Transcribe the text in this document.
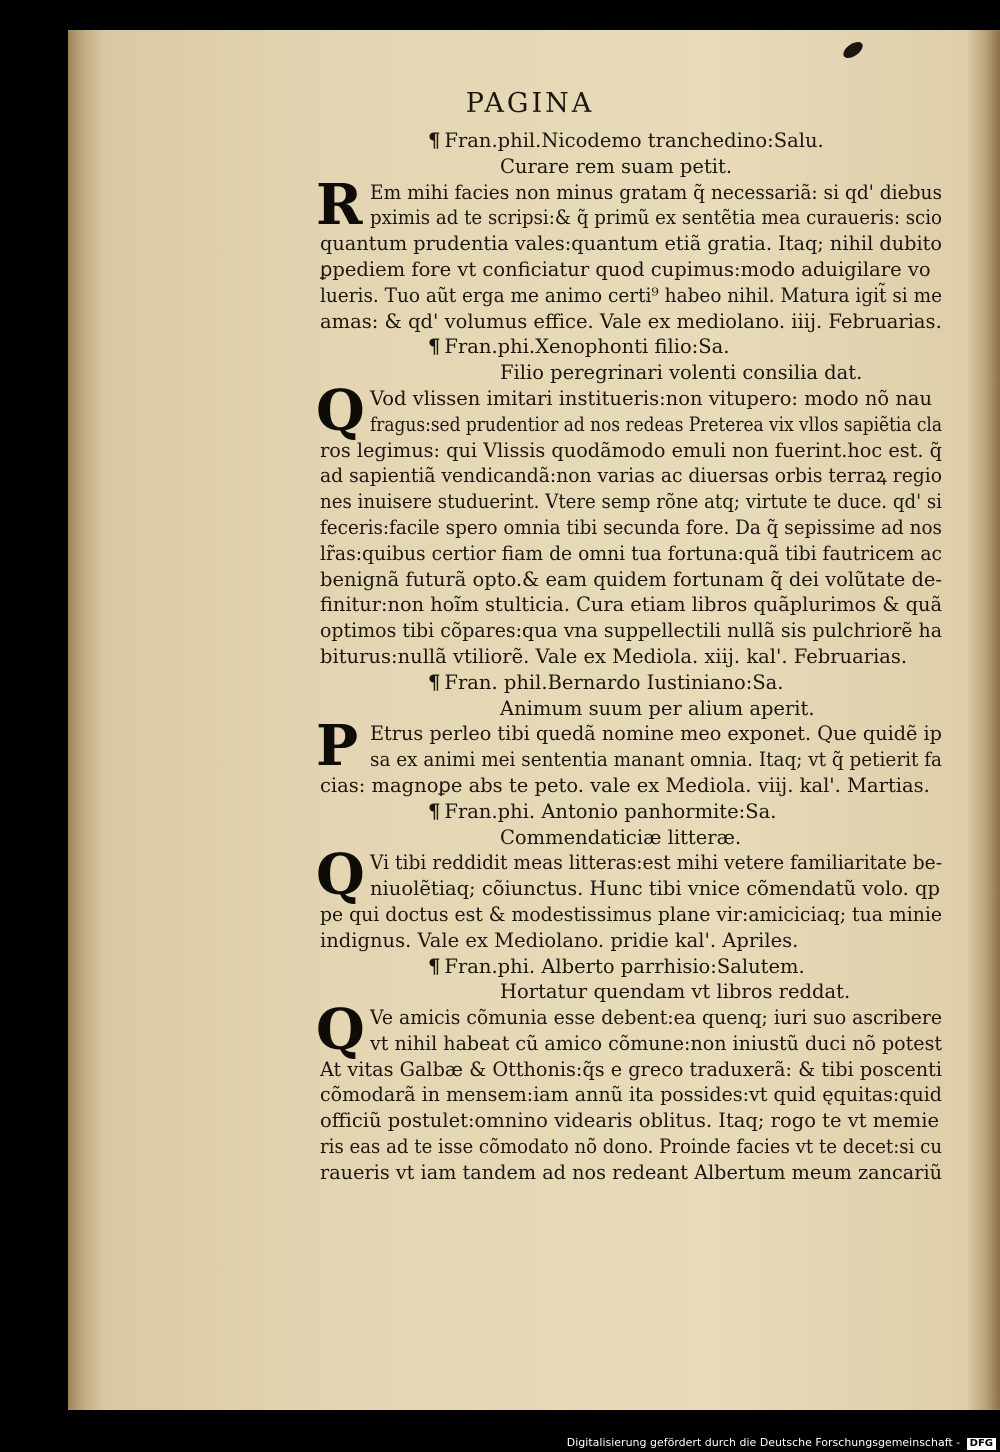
PAGINA
¶ Fran.phil.Nicodemo tranchedino:Salu.
Curare rem suam petit.
R Em mihi facies non minus gratam q̃ necessariã: si qd' diebus
pximis ad te scripsi:& q̃ primũ ex sentẽtia mea curaueris: scio
quantum prudentia vales:quantum etiã gratia. Itaq; nihil dubito
ꝑpediem fore vt conficiatur quod cupimus:modo aduigilare vo
lueris. Tuo aũt erga me animo certi⁹ habeo nihil. Matura igit̃ si me
amas: & qd' volumus effice. Vale ex mediolano. iiij. Februarias.
¶ Fran.phi.Xenophonti filio:Sa.
Filio peregrinari volenti consilia dat.
Q Vod vlissen imitari institueris:non vitupero: modo nõ nau
fragus:sed prudentior ad nos redeas Preterea vix vllos sapiẽtia cla
ros legimus: qui Vlissis quodãmodo emuli non fuerint.hoc est. q̃
ad sapientiã vendicandã:non varias ac diuersas orbis terraꝝ regio
nes inuisere studuerint. Vtere semp rõne atq; virtute te duce. qd' si
feceris:facile spero omnia tibi secunda fore. Da q̃ sepissime ad nos
lr̃as:quibus certior fiam de omni tua fortuna:quã tibi fautricem ac
benignã futurã opto.& eam quidem fortunam q̃ dei volũtate de-
finitur:non hoĩm stulticia. Cura etiam libros quãplurimos & quã
optimos tibi cõpares:qua vna suppellectili nullã sis pulchriorẽ ha
biturus:nullã vtiliorẽ. Vale ex Mediola. xiij. kal'. Februarias.
¶ Fran. phil.Bernardo Iustiniano:Sa.
Animum suum per alium aperit.
P Etrus perleo tibi quedã nomine meo exponet. Que quidẽ ip
sa ex animi mei sententia manant omnia. Itaq; vt q̃ petierit fa
cias: magnoꝑe abs te peto. vale ex Mediola. viij. kal'. Martias.
¶ Fran.phi. Antonio panhormite:Sa.
Commendaticiæ litteræ.
Q Vi tibi reddidit meas litteras:est mihi vetere familiaritate be-
niuolẽtiaq; cõiunctus. Hunc tibi vnice cõmendatũ volo. qp
pe qui doctus est & modestissimus plane vir:amiciciaq; tua minie
indignus. Vale ex Mediolano. pridie kal'. Apriles.
¶ Fran.phi. Alberto parrhisio:Salutem.
Hortatur quendam vt libros reddat.
Q Ve amicis cõmunia esse debent:ea quenq; iuri suo ascribere
vt nihil habeat cũ amico cõmune:non iniustũ duci nõ potest
At vitas Galbæ & Otthonis:q̃s e greco traduxerã: & tibi poscenti
cõmodarã in mensem:iam annũ ita possides:vt quid ęquitas:quid
officiũ postulet:omnino videaris oblitus. Itaq; rogo te vt memie
ris eas ad te isse cõmodato nõ dono. Proinde facies vt te decet:si cu
raueris vt iam tandem ad nos redeant Albertum meum zancariũ
Digitalisierung gefördert durch die Deutsche Forschungsgemeinschaft - DFG
